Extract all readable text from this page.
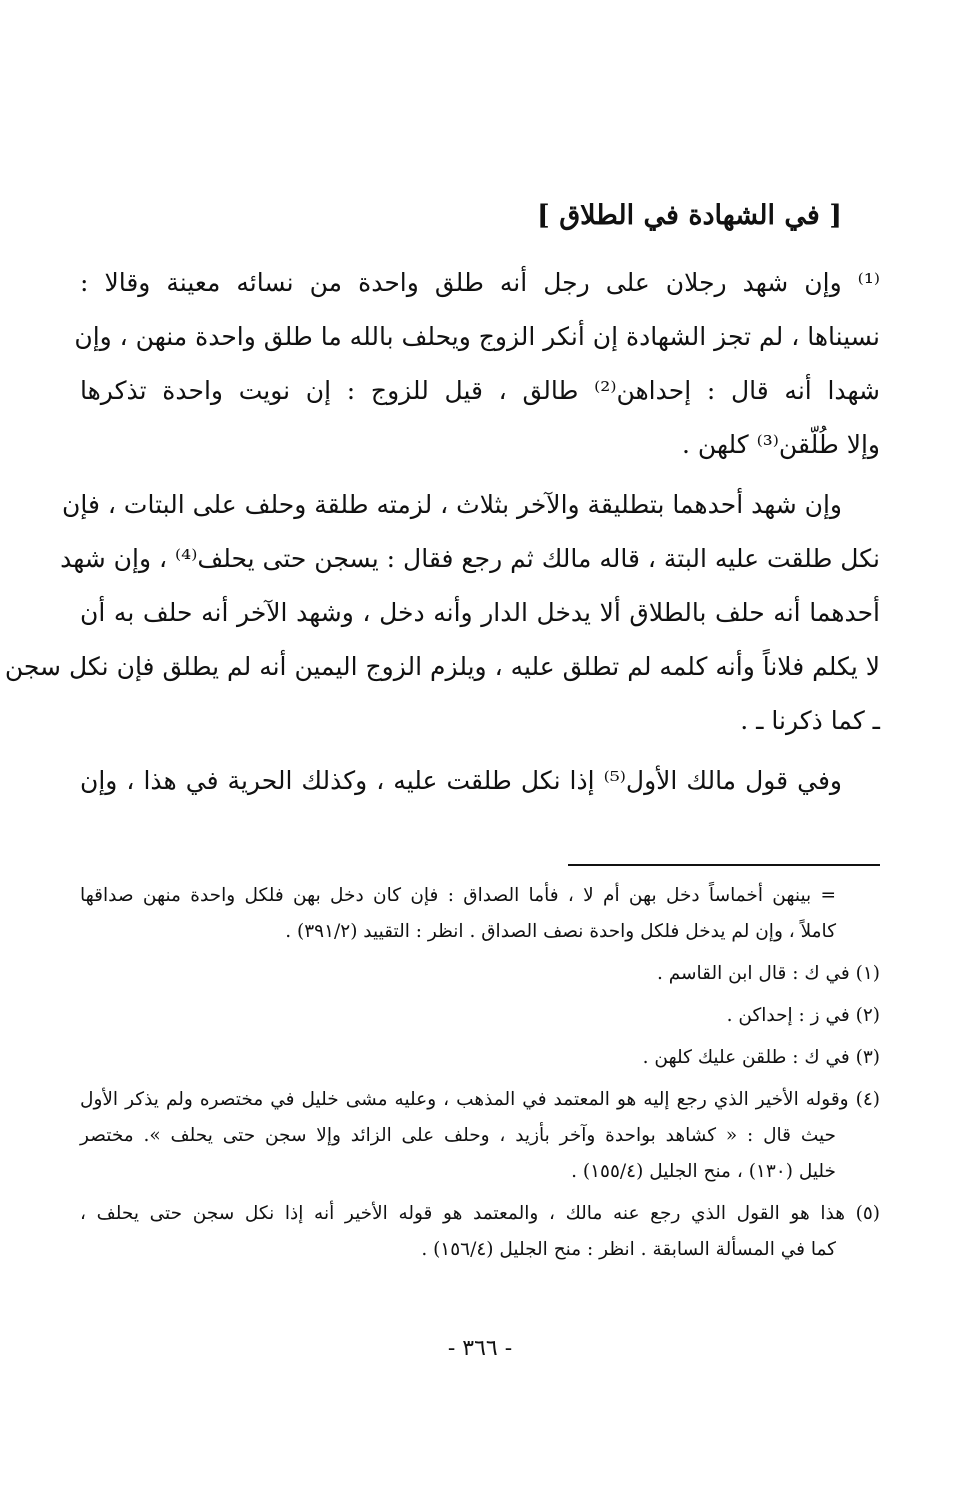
[ في الشهادة في الطلاق ]
⁽¹⁾ وإن شهد رجلان على رجل أنه طلق واحدة من نسائه معينة وقالا :
نسيناها ، لم تجز الشهادة إن أنكر الزوج ويحلف بالله ما طلق واحدة منهن ، وإن
شهدا أنه قال : إحداهن⁽²⁾ طالق ، قيل للزوج : إن نويت واحدة تذكرها
وإلا طُلّقن⁽³⁾ كلهن .
وإن شهد أحدهما بتطليقة والآخر بثلاث ، لزمته طلقة وحلف على البتات ، فإن
نكل طلقت عليه البتة ، قاله مالك ثم رجع فقال : يسجن حتى يحلف⁽⁴⁾ ، وإن شهد
أحدهما أنه حلف بالطلاق ألا يدخل الدار وأنه دخل ، وشهد الآخر أنه حلف به أن
لا يكلم فلاناً وأنه كلمه لم تطلق عليه ، ويلزم الزوج اليمين أنه لم يطلق فإن نكل سجن
ـ كما ذكرنا ـ .
وفي قول مالك الأول⁽⁵⁾ إذا نكل طلقت عليه ، وكذلك الحرية في هذا ، وإن
= بينهن أخماساً دخل بهن أم لا ، فأما الصداق : فإن كان دخل بهن فلكل واحدة منهن صداقها
كاملاً ، وإن لم يدخل فلكل واحدة نصف الصداق . انظر : التقييد (٣٩١/٢) .
(١) في ك : قال ابن القاسم .
(٢) في ز : إحداكن .
(٣) في ك : طلقن عليك كلهن .
(٤) وقوله الأخير الذي رجع إليه هو المعتمد في المذهب ، وعليه مشى خليل في مختصره ولم يذكر الأول
حيث قال : « كشاهد بواحدة وآخر بأزيد ، وحلف على الزائد وإلا سجن حتى يحلف ». مختصر
خليل (١٣٠) ، منح الجليل (١٥٥/٤) .
(٥) هذا هو القول الذي رجع عنه مالك ، والمعتمد هو قوله الأخير أنه إذا نكل سجن حتى يحلف ،
كما في المسألة السابقة . انظر : منح الجليل (١٥٦/٤) .
- ٣٦٦ -
